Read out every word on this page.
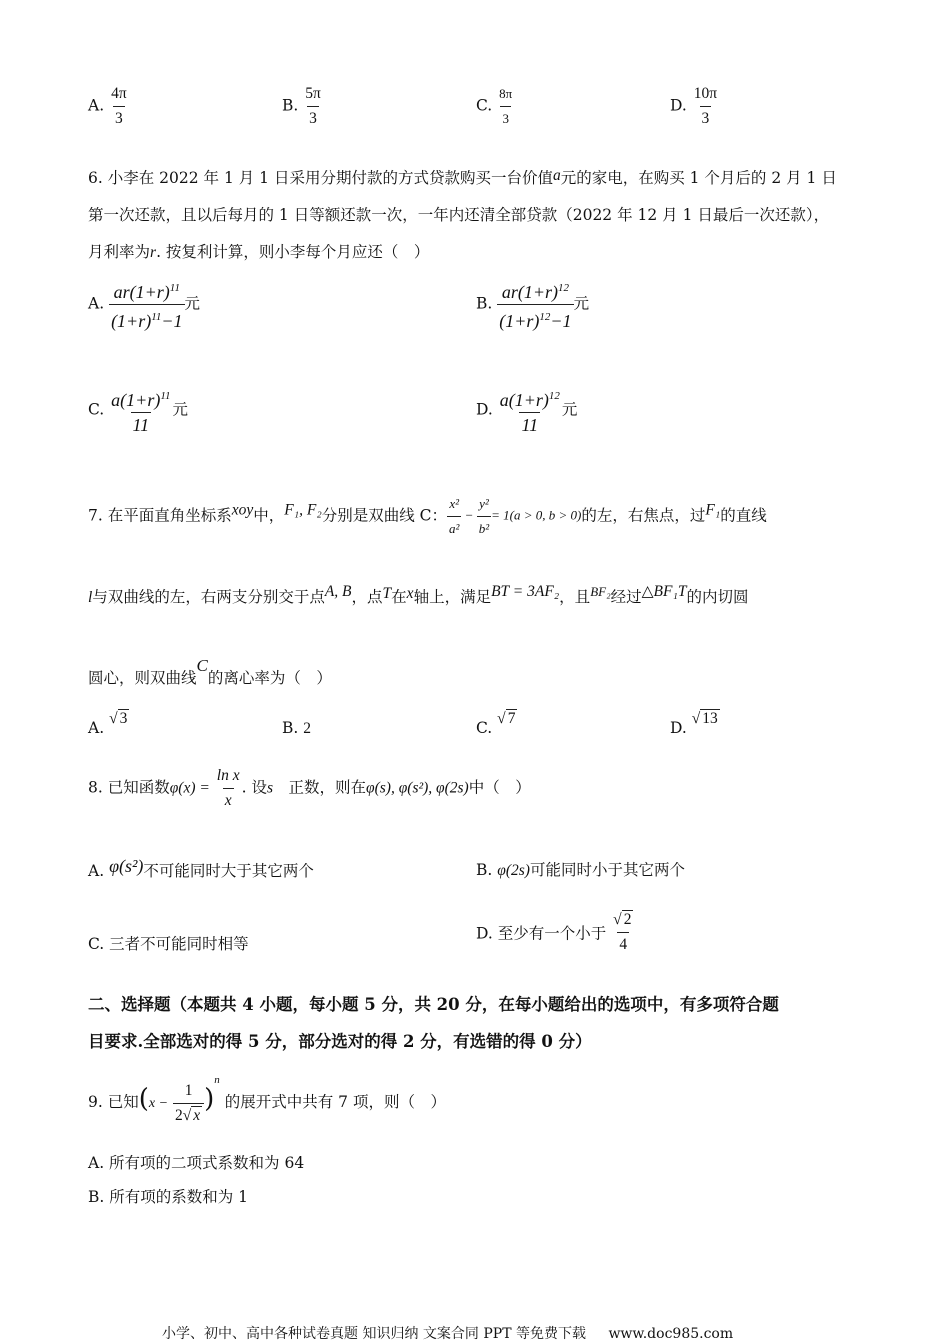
A. $\frac{4\pi}{3}$	B. $\frac{5\pi}{3}$	C. $\frac{8\pi}{3}$	D. $\frac{10\pi}{3}$
6. 小李在 2022 年 1 月 1 日采用分期付款的方式贷款购买一台价值a元的家电，在购买 1 个月后的 2 月 1 日
第一次还款，且以后每月的 1 日等额还款一次，一年内还清全部贷款（2022 年 12 月 1 日最后一次还款），
月利率为r. 按复利计算，则小李每个月应还（　）
A. $\frac{ar(1+r)^{11}}{(1+r)^{11}-1}$ 元	B. $\frac{ar(1+r)^{12}}{(1+r)^{12}-1}$ 元
C. $\frac{a(1+r)^{11}}{11}$ 元	D. $\frac{a(1+r)^{12}}{11}$ 元
7. 在平面直角坐标系xoy中，F₁, F₂分别是双曲线 C： $\frac{\text{x²}}{\text{a²}} - \frac{\text{y²}}{\text{b²}} = 1(a > 0$, b > 0)的左，右焦点，过F₁的直线
l与双曲线的左，右两支分别交于点A, B，点T在x轴上，满足BT = 3AF₂，且$^{BF_2}$经过△BF₁T的内切圆
圆心，则双曲线C的离心率为（　）
A. √ 3
B. 2	C. √ 7
D. √ 13
8. 已知函数$\varphi(x) = \frac{\text{ln x}}{x}$ . 设s　 正数，则在φ(s), φ(s²), φ(2s)中（　）
A. φ(s²)不可能同时大于其它两个	B. φ(2s)可能同时小于其它两个
C. 三者不可能同时相等
D. 至少有一个小于 $\frac{√ 2}{4}$
二、选择题（本题共 4 小题，每小题 5 分，共 20 分，在每小题给出的选项中，有多项符合题
目要求.全部选对的得 5 分，部分选对的得 2 分，有选错的得 0 分）
9. 已知$(x - \frac{1}{2√ x} )^n$ 的展开式中共有 7 项，则（　）
A. 所有项的二项式系数和为 64
B. 所有项的系数和为 1
小学、初中、高中各种试卷真题 知识归纳 文案合同 PPT 等免费下载 www.doc985.com
